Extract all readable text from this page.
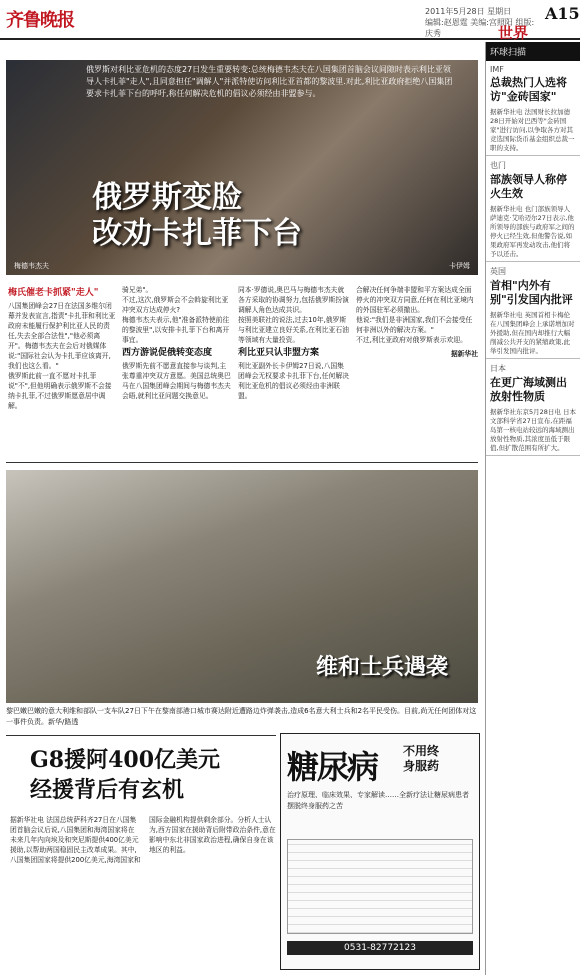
齐鲁晚报	2011年5月28日 星期日
编辑:赵恩霆 美编:宫照阳 组版:庆秀
A15
世界
俄罗斯对利比亚危机的态度27日发生重要转变:总统梅德韦杰夫在八国集团首脑会议间隙时表示利比亚领导人卡扎菲"走人",且同意担任"调解人"并派特使访问利比亚首都的黎波里.对此,利比亚政府拒绝八国集团要求卡扎菲下台的呼吁,称任何解决危机的倡议必须经由非盟参与。
俄罗斯变脸
改劝卡扎菲下台
梅德韦杰夫	卡伊姆
梅氏催老卡抓紧"走人"
八国集团峰会27日在法国多维尔闭幕并发表宣言,指责"卡扎菲和利比亚政府未能履行保护利比亚人民的责任,失去全部合法性","他必须离开"。梅德韦杰夫在会后对俄媒体说:"国际社会认为卡扎菲应该离开,我们也这么看。"
俄罗斯此前一直不愿对卡扎菲说"不",但他明确表示俄罗斯不会接纳卡扎菲,不过俄罗斯愿意居中调解。
骑兄弟"。
不过,这次,俄罗斯会不会斡旋利比亚冲突双方达成停火?
梅德韦杰夫表示,他"准备派特使前往的黎波里",以安排卡扎菲下台和离开事宜。
西方游说促俄转变态度
俄罗斯先前不愿意直接参与谈判,主张尊重冲突双方意愿。美国总统奥巴马在八国集团峰会期间与梅德韦杰夫会晤,就利比亚问题交换意见。
同本·罗德说,奥巴马与梅德韦杰夫就各方采取的协调努力,包括俄罗斯扮演调解人角色达成共识。
按照美联社的说法,过去10年,俄罗斯与利比亚建立良好关系,在利比亚石油等领域有大量投资。
利比亚只认非盟方案
利比亚副外长卡伊姆27日说,八国集团峰会无权要求卡扎菲下台,任何解决利比亚危机的倡议必须经由非洲联盟。
合解决任何争端非盟和平方案达成全面停火的冲突双方同意,任何在利比亚境内的外国驻军必须撤出。
他说:"我们是非洲国家,我们不会接受任何非洲以外的解决方案。"
不过,利比亚政府对俄罗斯表示欢迎。
据新华社
维和士兵遇袭
黎巴嫩巴嫩的意大利维和部队一支车队27日下午在黎南部港口城市赛达附近遭路边炸弹袭击,造成6名意大利士兵和2名平民受伤。目前,尚无任何团体对这一事件负责。新华/路透
G8援阿400亿美元
经援背后有玄机
据新华社电 法国总统萨科齐27日在八国集团首脑会议后说,八国集团和海湾国家将在未来几年内向埃及和突尼斯提供400亿美元援助,以帮助两国稳固民主改革成果。其中,八国集团国家将提供200亿美元,海湾国家和国际金融机构提供剩余部分。分析人士认为,西方国家在援助背后附带政治条件,意在影响中东北非国家政治进程,确保自身在该地区的利益。
糖尿病 不用终
身服药
治疗原理、临床效果、专家解读……全新疗法让糖尿病患者摆脱终身服药之苦
0531-82772123
环球扫描
IMF
总裁热门人选将访"金砖国家"
据新华社电 法国财长拉加德28日开始对巴西等"金砖国家"进行访问,以争取各方对其竞选国际货币基金组织总裁一职的支持。
也门
部族领导人称停火生效
据新华社电 也门部族领导人萨迪克·艾哈迈尔27日表示,他所领导的部族与政府军之间的停火已经生效,但他警告说,如果政府军再发动攻击,他们将予以还击。
英国
首相"内外有别"引发国内批评
据新华社电 英国首相卡梅伦在八国集团峰会上承诺增加对外援助,但在国内却推行大幅削减公共开支的紧缩政策,此举引发国内批评。
日本
在更广海域测出放射性物质
据新华社东京5月28日电 日本文部科学省27日宣布,在距福岛第一核电站较远的海域测出放射性物质,其浓度虽低于限值,但扩散范围有所扩大。
